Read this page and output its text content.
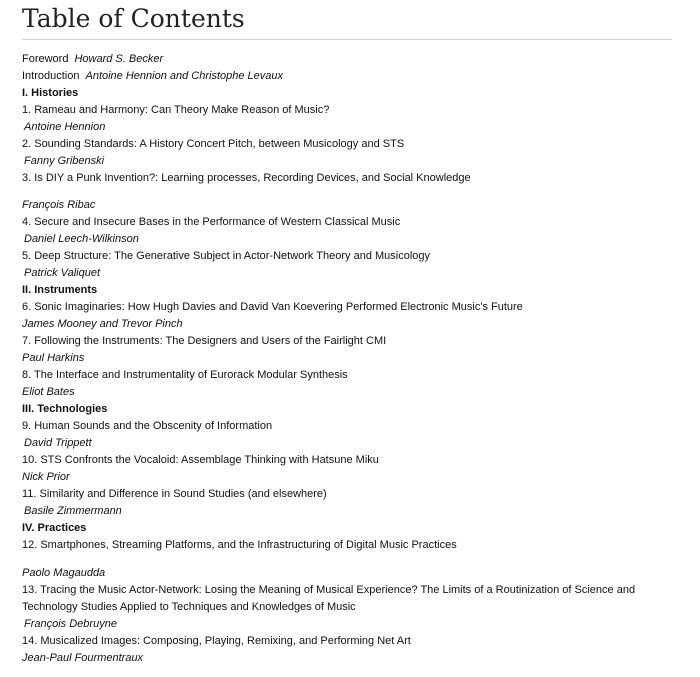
Table of Contents
Foreword Howard S. Becker
Introduction Antoine Hennion and Christophe Levaux
I. Histories
1. Rameau and Harmony: Can Theory Make Reason of Music?
Antoine Hennion
2. Sounding Standards: A History Concert Pitch, between Musicology and STS
Fanny Gribenski
3. Is DIY a Punk Invention?: Learning processes, Recording Devices, and Social Knowledge
François Ribac
4. Secure and Insecure Bases in the Performance of Western Classical Music
Daniel Leech-Wilkinson
5. Deep Structure: The Generative Subject in Actor-Network Theory and Musicology
Patrick Valiquet
II. Instruments
6. Sonic Imaginaries: How Hugh Davies and David Van Koevering Performed Electronic Music's Future
James Mooney and Trevor Pinch
7. Following the Instruments: The Designers and Users of the Fairlight CMI
Paul Harkins
8. The Interface and Instrumentality of Eurorack Modular Synthesis
Eliot Bates
III. Technologies
9. Human Sounds and the Obscenity of Information
David Trippett
10. STS Confronts the Vocaloid: Assemblage Thinking with Hatsune Miku
Nick Prior
11. Similarity and Difference in Sound Studies (and elsewhere)
Basile Zimmermann
IV. Practices
12. Smartphones, Streaming Platforms, and the Infrastructuring of Digital Music Practices
Paolo Magaudda
13. Tracing the Music Actor-Network: Losing the Meaning of Musical Experience? The Limits of a Routinization of Science and Technology Studies Applied to Techniques and Knowledges of Music
François Debruyne
14. Musicalized Images: Composing, Playing, Remixing, and Performing Net Art
Jean-Paul Fourmentraux
